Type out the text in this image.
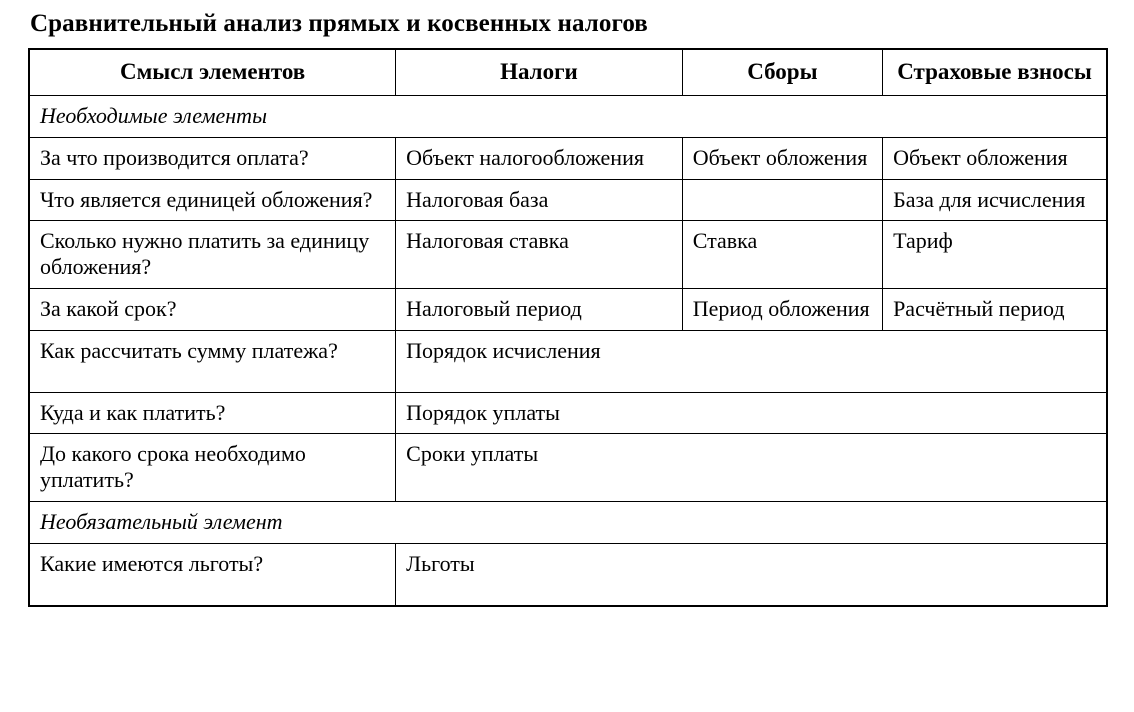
Сравнительный анализ прямых и косвенных налогов
Смысл элементов	Налоги	Сборы	Страховые взносы
Необходимые элементы			
За что производится оплата?	Объект налогообложения	Объект обложения	Объект обложения
Что является единицей обложения?	Налоговая база		База для исчисления
Сколько нужно платить за единицу обложения?	Налоговая ставка	Ставка	Тариф
За какой срок?	Налоговый период	Период обложения	Расчётный период
Как рассчитать сумму платежа?	Порядок исчисления		
Куда и как платить?	Порядок уплаты		
До какого срока необходимо уплатить?	Сроки уплаты		
Необязательный элемент			
Какие имеются льготы?	Льготы		
